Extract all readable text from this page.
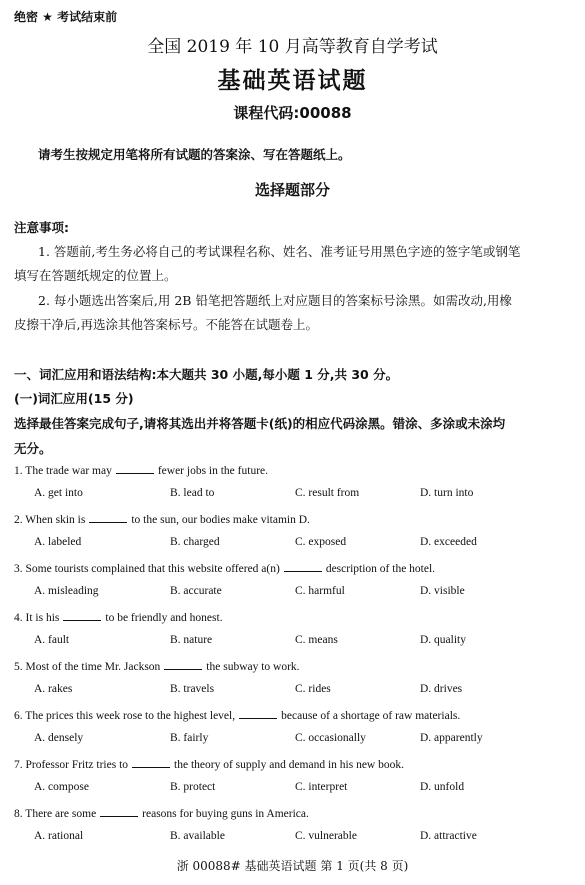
绝密 ★ 考试结束前
全国 2019 年 10 月高等教育自学考试
基础英语试题
课程代码:00088
请考生按规定用笔将所有试题的答案涂、写在答题纸上。
选择题部分
注意事项:
1. 答题前,考生务必将自己的考试课程名称、姓名、准考证号用黑色字迹的签字笔或钢笔
填写在答题纸规定的位置上。
2. 每小题选出答案后,用 2B 铅笔把答题纸上对应题目的答案标号涂黑。如需改动,用橡
皮擦干净后,再选涂其他答案标号。不能答在试题卷上。
一、词汇应用和语法结构:本大题共 30 小题,每小题 1 分,共 30 分。
(一)词汇应用(15 分)
选择最佳答案完成句子,请将其选出并将答题卡(纸)的相应代码涂黑。错涂、多涂或未涂均
无分。
1. The trade war may	fewer jobs in the future.
A. get into	B. lead to	C. result from	D. turn into
2. When skin is	to the sun, our bodies make vitamin D.
A. labeled	B. charged	C. exposed	D. exceeded
3. Some tourists complained that this website offered a(n)	description of the hotel.
A. misleading	B. accurate	C. harmful	D. visible
4. It is his	to be friendly and honest.
A. fault	B. nature	C. means	D. quality
5. Most of the time Mr. Jackson	the subway to work.
A. rakes	B. travels	C. rides	D. drives
6. The prices this week rose to the highest level,	because of a shortage of raw materials.
A. densely	B. fairly	C. occasionally	D. apparently
7. Professor Fritz tries to	the theory of supply and demand in his new book.
A. compose	B. protect	C. interpret	D. unfold
8. There are some	reasons for buying guns in America.
A. rational	B. available	C. vulnerable	D. attractive
浙 00088# 基础英语试题 第 1 页(共 8 页)
